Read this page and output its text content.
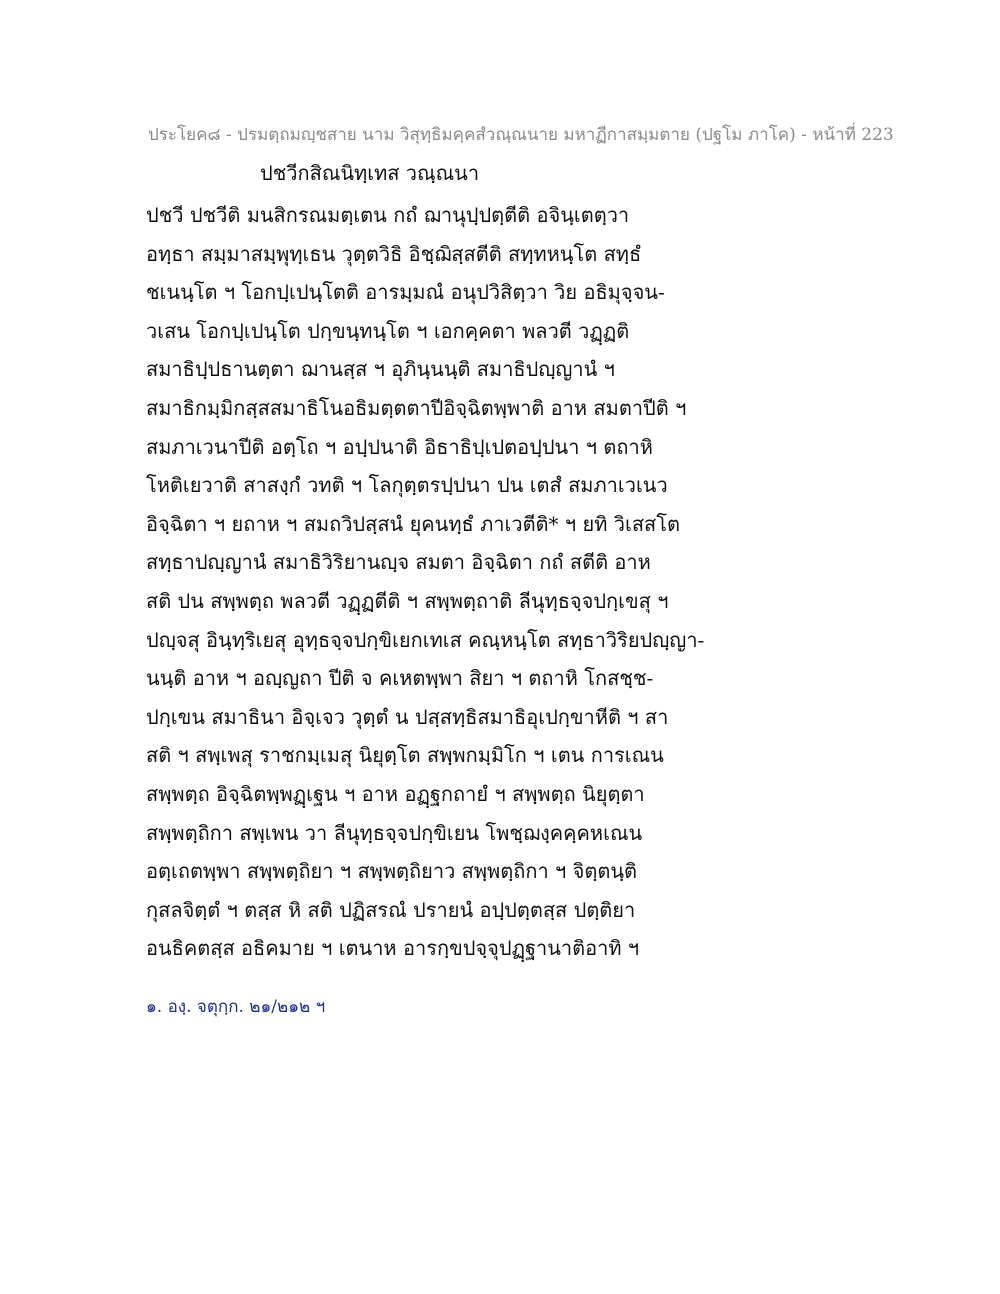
ประโยค๘ - ปรมตฺถมญฺชสาย นาม วิสุทฺธิมคฺคสํวณฺณนาย มหาฏีกาสมฺมตาย (ปฐโม ภาโค) - หน้าที่ 223
ปชวีกสิณนิทฺเทส วณฺณนา
ปชวี ปชวีติ มนสิกรณมตฺเตน กถํ ฌานุปฺปตฺตีติ อจินฺเตตฺวา
อทฺธา สมฺมาสมฺพุทฺเธน วุตฺตวิธิ อิชฺฌิสฺสตีติ สทฺทหนฺโต สทฺธํ
ชเนนฺโต ฯ โอกปฺเปนฺโตติ อารมฺมณํ อนุปวิสิตฺวา วิย อธิมุจฺจน-
วเสน โอกปฺเปนฺโต ปกฺขนฺทนฺโต ฯ เอกคฺคตา พลวตี วฏฺฏติ
สมาธิปฺปธานตฺตา ฌานสฺส ฯ อุภินฺนนฺติ สมาธิปญฺญานํ ฯ
สมาธิกมฺมิกสฺสสมาธิโนอธิมตฺตตาปีอิจฺฉิตพฺพาติ อาห สมตาปีติ ฯ
สมภาเวนาปีติ อตฺโถ ฯ อปฺปนาติ อิธาธิปฺเปตอปฺปนา ฯ ตถาหิ
โหติเยวาติ สาสงฺกํ วทติ ฯ โลกุตฺตรปฺปนา ปน เตสํ สมภาเวเนว
อิจฺฉิตา ฯ ยถาห ฯ สมถวิปสฺสนํ ยุคนทฺธํ ภาเวตีติ* ฯ ยทิ วิเสสโต
สทฺธาปญฺญานํ สมาธิวิริยานญฺจ สมตา อิจฺฉิตา กถํ สตีติ อาห
สติ ปน สพฺพตฺถ พลวตี วฏฺฏตีติ ฯ สพฺพตฺถาติ ลีนุทฺธจฺจปกฺเขสุ ฯ
ปญฺจสุ อินฺทฺริเยสุ อุทฺธจฺจปกฺขิเยกเทเส คณฺหนฺโต สทฺธาวิริยปญฺญา-
นนฺติ อาห ฯ อญฺญถา ปีติ จ คเหตพฺพา สิยา ฯ ตถาหิ โกสชฺช-
ปกฺเขน สมาธินา อิจฺเจว วุตฺตํ น ปสฺสทฺธิสมาธิอุเปกฺขาหีติ ฯ สา
สติ ฯ สพฺเพสุ ราชกมฺเมสุ นิยุตฺโต สพฺพกมฺมิโก ฯ เตน การเณน
สพฺพตฺถ อิจฺฉิตพฺพฏฺเฐน ฯ อาห อฏฺฐกถายํ ฯ สพฺพตฺถ นิยุตฺตา
สพฺพตฺถิกา สพฺเพน วา ลีนุทฺธจฺจปกฺขิเยน โพชฺฌงฺคคฺคหเณน
อตฺเถตพฺพา สพฺพตฺถิยา ฯ สพฺพตฺถิยาว สพฺพตฺถิกา ฯ จิตฺตนฺติ
กุสลจิตฺตํ ฯ ตสฺส หิ สติ ปฏิสรณํ ปรายนํ อปฺปตฺตสฺส ปตฺติยา
อนธิคตสฺส อธิคมาย ฯ เตนาห อารกฺขปจฺจุปฏฺฐานาติอาทิ ฯ
๑. องฺ. จตุกฺก. ๒๑/๒๑๒ ฯ
